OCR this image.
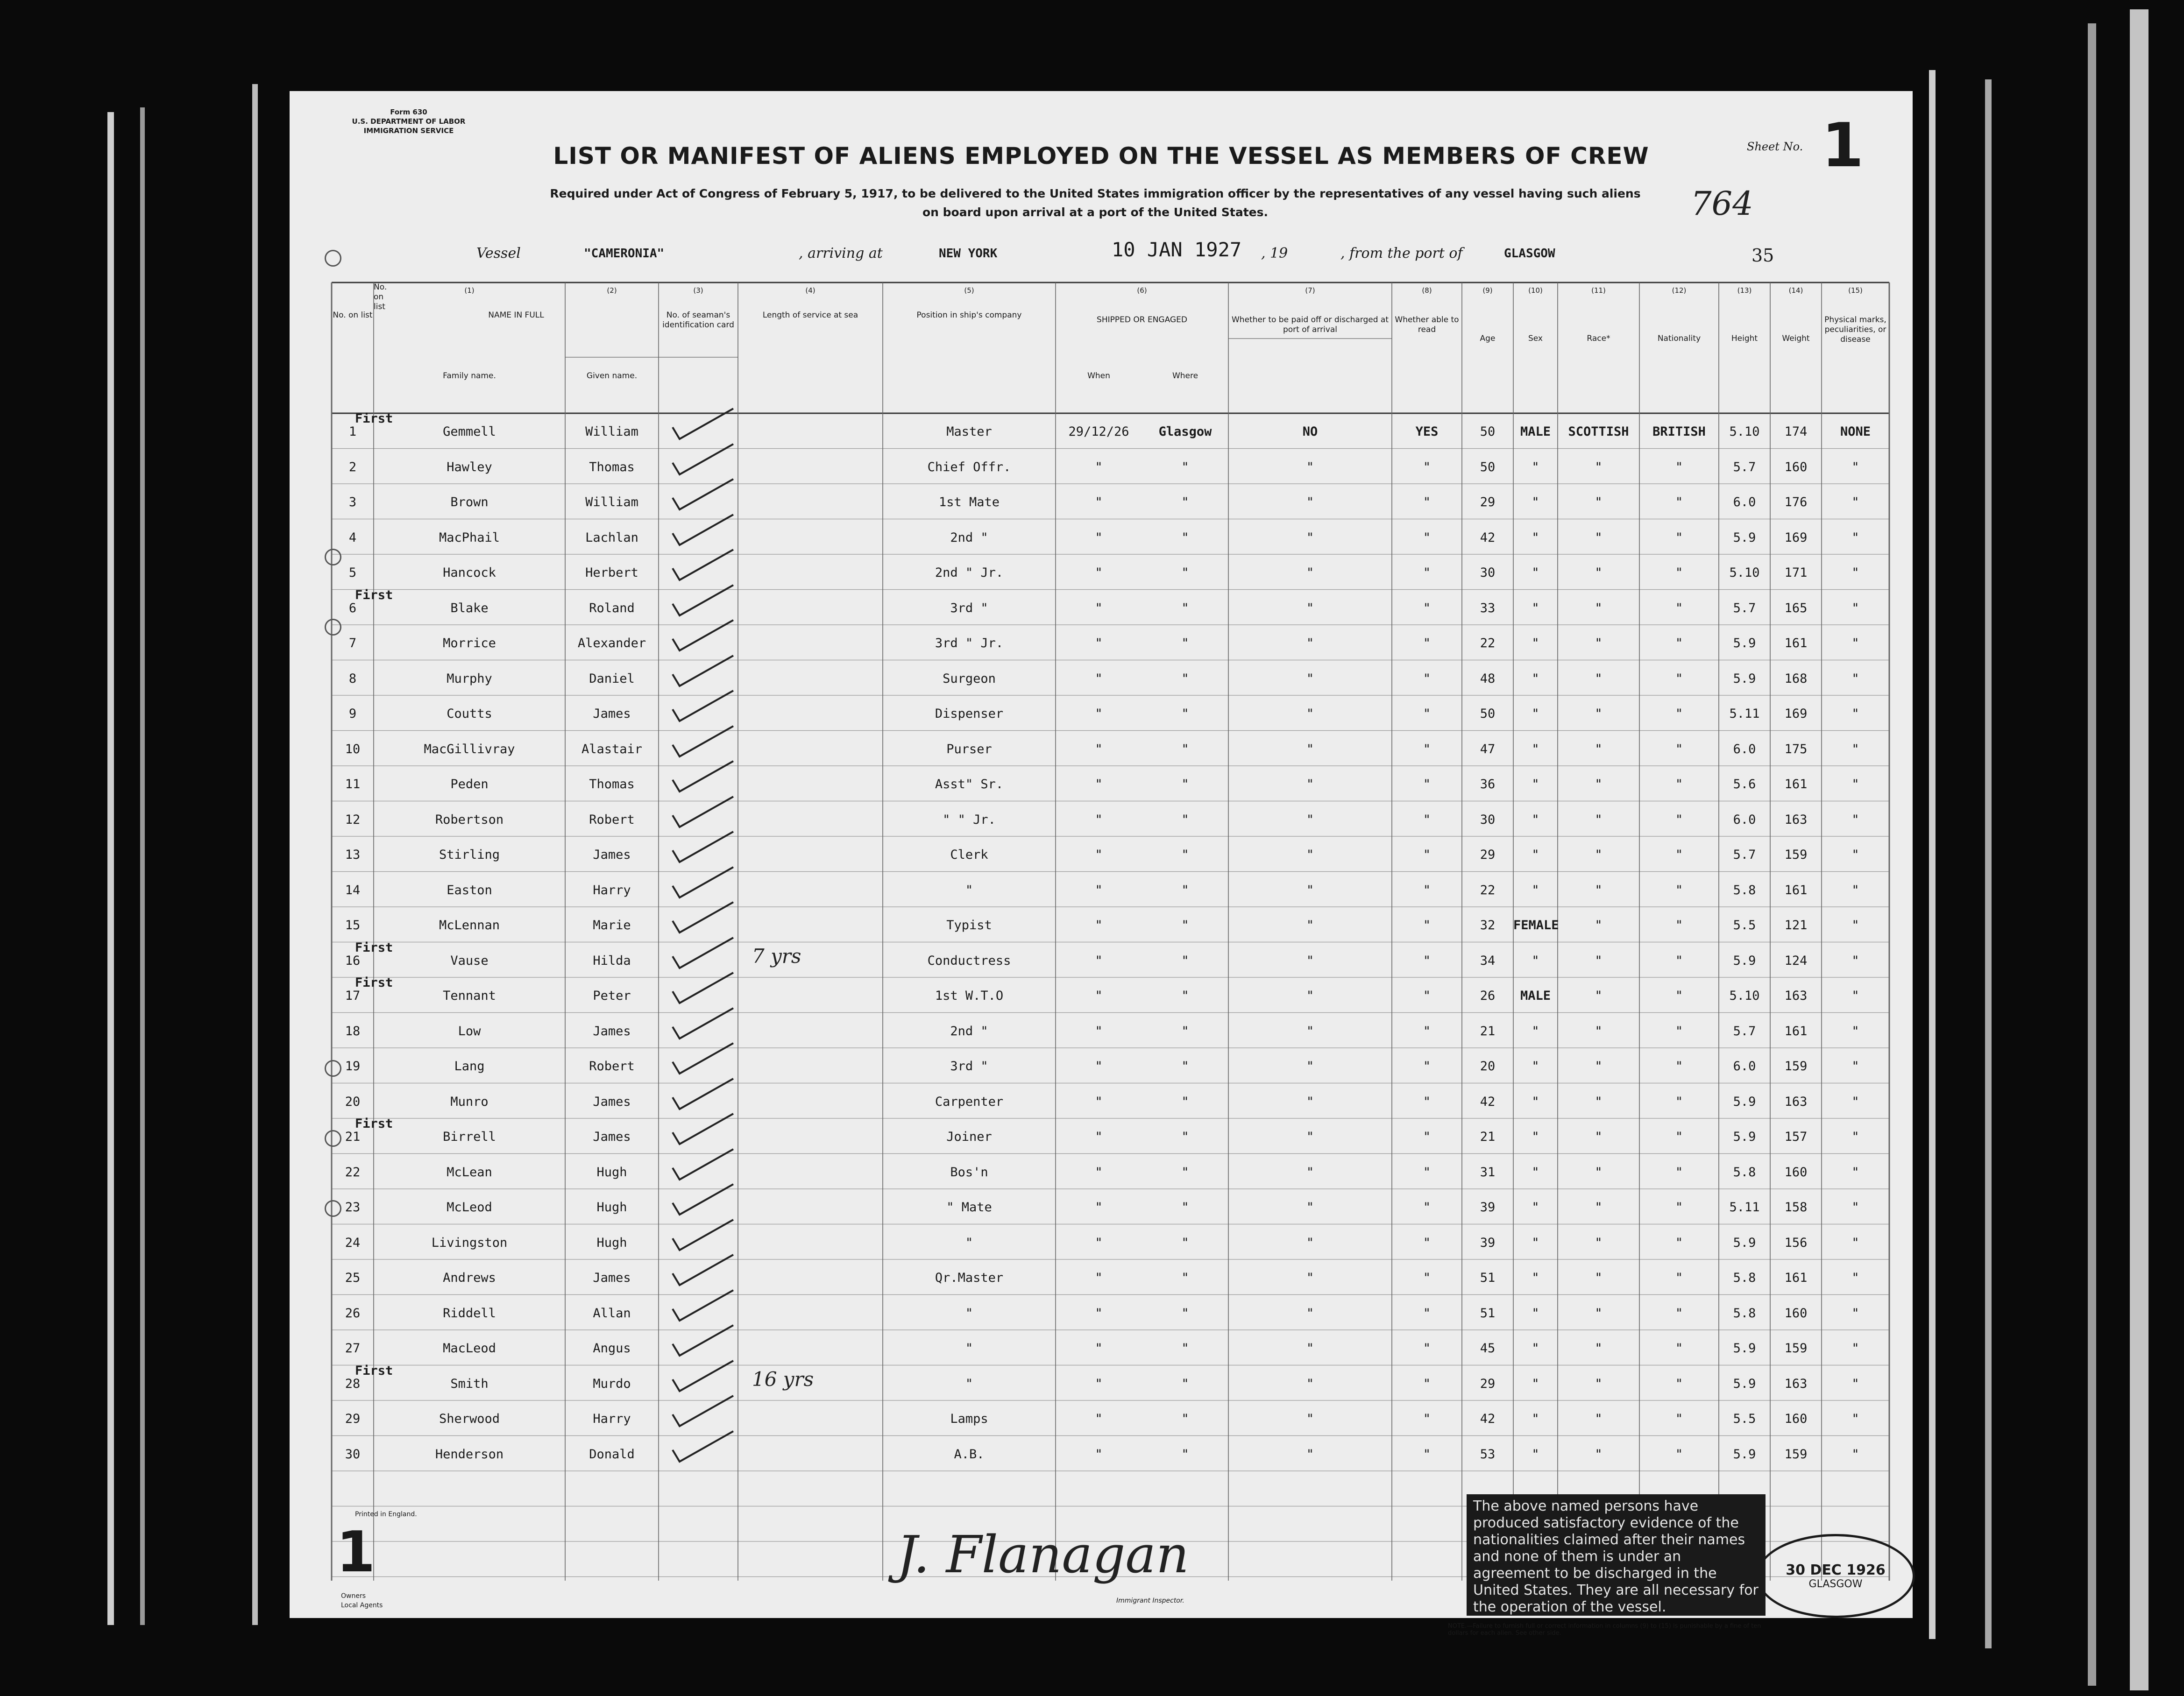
Form 630
U.S. DEPARTMENT OF LABOR
IMMIGRATION SERVICE
LIST OR MANIFEST OF ALIENS EMPLOYED ON THE VESSEL AS MEMBERS OF CREW
Required under Act of Congress of February 5, 1917, to be delivered to the United States immigration officer by the representatives of any vessel having such aliens
on board upon arrival at a port of the United States.
Sheet No. 1
764
Vessel	"CAMERONIA"	, arriving at	NEW YORK	10 JAN 1927 , 19	, from the port of	GLASGOW	35
(1)	(2)	(3)	(4)	(5)	(6)	(7)	(8)	(9)	(10)	(11)	(12)	(13)	(14)	(15)
No. on list
No. on list	NAME IN FULL
Family name.	Given name.
No. of seaman's identification card
Length of service at sea	Position in ship's company	SHIPPED OR ENGAGED
When	Where
Whether to be paid off or discharged at port of arrival
Whether able to read
Age	Sex	Race*	Nationality	Height	Weight
Physical marks, peculiarities, or disease
1	Gemmell	William	Master	29/12/26	Glasgow	NO	YES	50	MALE	SCOTTISH	BRITISH	5.10	174	NONE
First
2	Hawley	Thomas	Chief Offr.	"	"	"	"	50	"	"	"	5.7	160	"
3	Brown	William	1st Mate	"	"	"	"	29	"	"	"	6.0	176	"
4	MacPhail	Lachlan	2nd "	"	"	"	"	42	"	"	"	5.9	169	"
5	Hancock	Herbert	2nd " Jr.	"	"	"	"	30	"	"	"	5.10	171	"
6	Blake	Roland	3rd "	"	"	"	"	33	"	"	"	5.7	165	"
First
7	Morrice	Alexander	3rd " Jr.	"	"	"	"	22	"	"	"	5.9	161	"
8	Murphy	Daniel	Surgeon	"	"	"	"	48	"	"	"	5.9	168	"
9	Coutts	James	Dispenser	"	"	"	"	50	"	"	"	5.11	169	"
10	MacGillivray	Alastair	Purser	"	"	"	"	47	"	"	"	6.0	175	"
11	Peden	Thomas	Asst" Sr.	"	"	"	"	36	"	"	"	5.6	161	"
12	Robertson	Robert	" " Jr.	"	"	"	"	30	"	"	"	6.0	163	"
13	Stirling	James	Clerk	"	"	"	"	29	"	"	"	5.7	159	"
14	Easton	Harry	"	"	"	"	"	22	"	"	"	5.8	161	"
15	McLennan	Marie	Typist	"	"	"	"	32	FEMALE	"	"	5.5	121	"
16	Vause	Hilda	Conductress	"	"	"	"	34	"	"	"	5.9	124	"
First
17	Tennant	Peter	1st W.T.O	"	"	"	"	26	MALE	"	"	5.10	163	"
First
18	Low	James	2nd "	"	"	"	"	21	"	"	"	5.7	161	"
19	Lang	Robert	3rd "	"	"	"	"	20	"	"	"	6.0	159	"
20	Munro	James	Carpenter	"	"	"	"	42	"	"	"	5.9	163	"
21	Birrell	James	Joiner	"	"	"	"	21	"	"	"	5.9	157	"
First
22	McLean	Hugh	Bos'n	"	"	"	"	31	"	"	"	5.8	160	"
23	McLeod	Hugh	" Mate	"	"	"	"	39	"	"	"	5.11	158	"
24	Livingston	Hugh	"	"	"	"	"	39	"	"	"	5.9	156	"
25	Andrews	James	Qr.Master	"	"	"	"	51	"	"	"	5.8	161	"
26	Riddell	Allan	"	"	"	"	"	51	"	"	"	5.8	160	"
27	MacLeod	Angus	"	"	"	"	"	45	"	"	"	5.9	159	"
28	Smith	Murdo	"	"	"	"	"	29	"	"	"	5.9	163	"
First
29	Sherwood	Harry	Lamps	"	"	"	"	42	"	"	"	5.5	160	"
30	Henderson	Donald	A.B.	"	"	"	"	53	"	"	"	5.9	159	"
7 yrs
16 yrs
Printed in England.
1
Owners
Local Agents
J. Flanagan
Immigrant Inspector.
The above named persons have produced satisfactory evidence of the nationalities claimed after their names and none of them is under an agreement to be discharged in the United States. They are all necessary for the operation of the vessel.
NOTE.—Failure to furnish full or correct information in columns (9) to (15) is punishable by a fine of ten dollars for each alien. See other side.
30 DEC 1926
GLASGOW
